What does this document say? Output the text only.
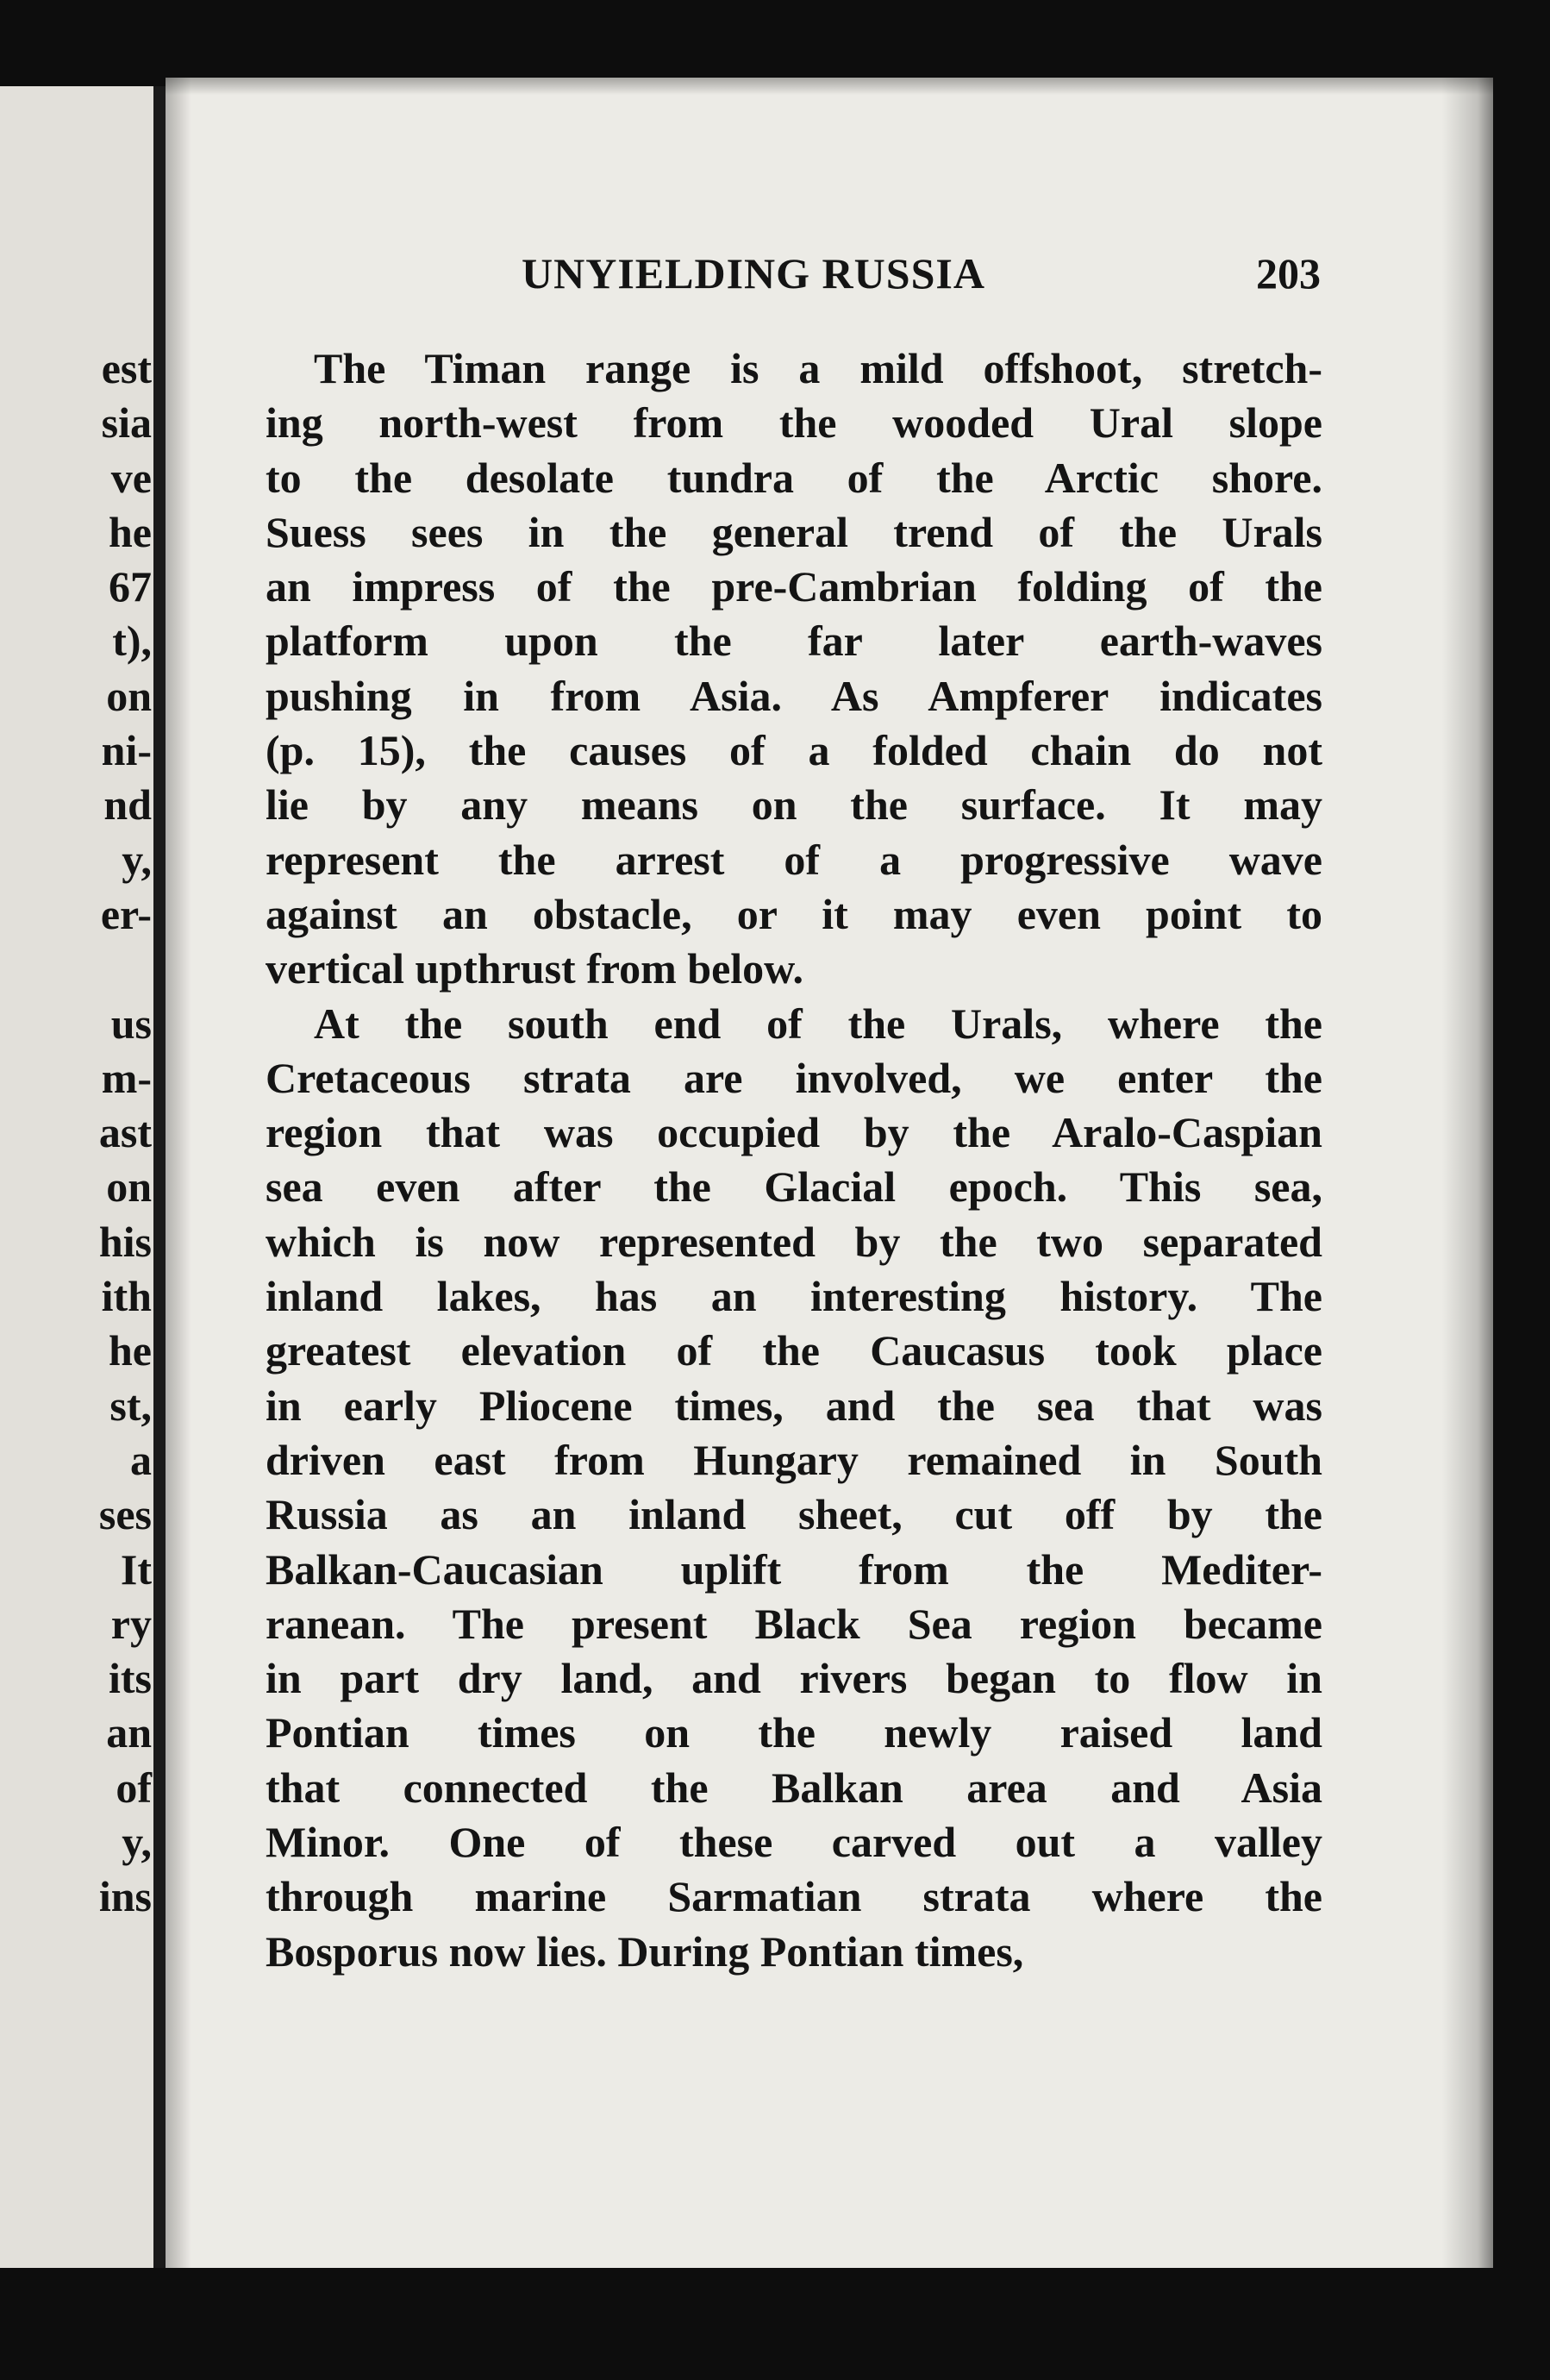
est
sia
ve
he
67
t),
on
ni-
nd
y,
er-
us
m-
ast
on
his
ith
he
st,
a
ses
It
ry
its
an
of
y,
ins
UNYIELDING RUSSIA	203
The Timan range is a mild offshoot, stretch-
ing north-west from the wooded Ural slope
to the desolate tundra of the Arctic shore.
Suess sees in the general trend of the Urals
an impress of the pre-Cambrian folding of the
platform upon the far later earth-waves
pushing in from Asia. As Ampferer indicates
(p. 15), the causes of a folded chain do not
lie by any means on the surface. It may
represent the arrest of a progressive wave
against an obstacle, or it may even point to
vertical upthrust from below.
At the south end of the Urals, where the
Cretaceous strata are involved, we enter the
region that was occupied by the Aralo-Caspian
sea even after the Glacial epoch. This sea,
which is now represented by the two separated
inland lakes, has an interesting history. The
greatest elevation of the Caucasus took place
in early Pliocene times, and the sea that was
driven east from Hungary remained in South
Russia as an inland sheet, cut off by the
Balkan-Caucasian uplift from the Mediter-
ranean. The present Black Sea region became
in part dry land, and rivers began to flow in
Pontian times on the newly raised land
that connected the Balkan area and Asia
Minor. One of these carved out a valley
through marine Sarmatian strata where the
Bosporus now lies. During Pontian times,
